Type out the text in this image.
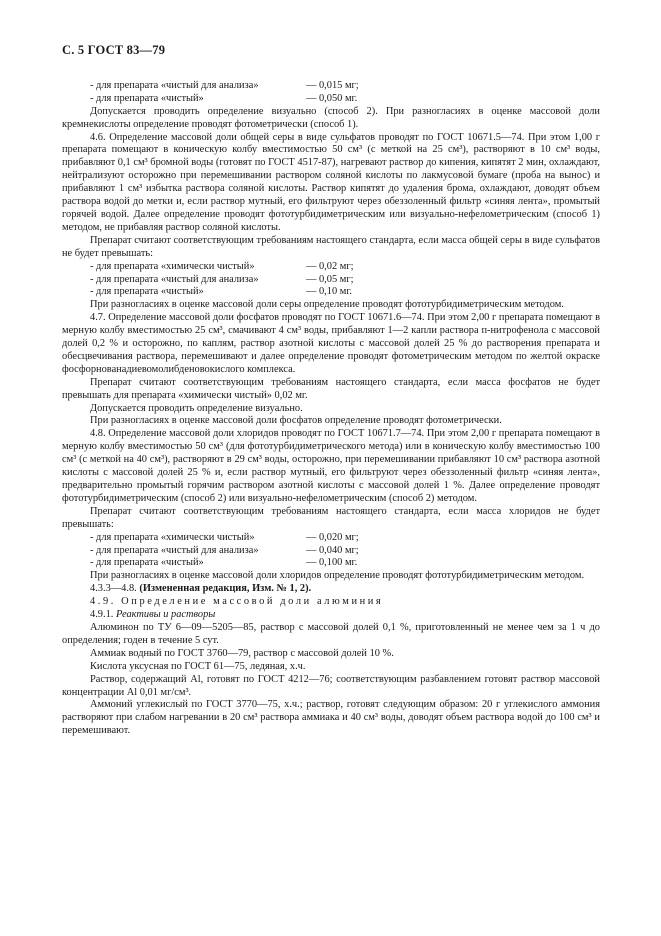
С. 5 ГОСТ 83—79
- для препарата «чистый для анализа»	— 0,015 мг;
- для препарата «чистый»	— 0,050 мг.

Допускается проводить определение визуально (способ 2). При разногласиях в оценке массовой доли кремнекислоты определение проводят фотометрически (способ 1).

4.6. Определение массовой доли общей серы в виде сульфатов проводят по ГОСТ 10671.5—74. При этом 1,00 г препарата помещают в коническую колбу вместимостью 50 см³ (с меткой на 25 см³), растворяют в 10 см³ воды, прибавляют 0,1 см³ бромной воды (готовят по ГОСТ 4517-87), нагревают раствор до кипения, кипятят 2 мин, охлаждают, нейтрализуют осторожно при перемешивании раствором соляной кислоты по лакмусовой бумаге (проба на вынос) и прибавляют 1 см³ избытка раствора соляной кислоты. Раствор кипятят до удаления брома, охлаждают, доводят объем раствора водой до метки и, если раствор мутный, его фильтруют через обеззоленный фильтр «синяя лента», промытый горячей водой. Далее определение проводят фототурбидиметрическим или визуально-нефелометрическим (способ 1) методом, не прибавляя раствор соляной кислоты.

Препарат считают соответствующим требованиям настоящего стандарта, если масса общей серы в виде сульфатов не будет превышать:

- для препарата «химически чистый»	— 0,02 мг;
- для препарата «чистый для анализа»	— 0,05 мг;
- для препарата «чистый»	— 0,10 мг.

При разногласиях в оценке массовой доли серы определение проводят фототурбидиметрическим методом.

4.7. Определение массовой доли фосфатов проводят по ГОСТ 10671.6—74. При этом 2,00 г препарата помещают в мерную колбу вместимостью 25 см³, смачивают 4 см³ воды, прибавляют 1—2 капли раствора п-нитрофенола с массовой долей 0,2 % и осторожно, по каплям, раствор азотной кислоты с массовой долей 25 % до растворения препарата и обесцвечивания раствора, перемешивают и далее определение проводят фотометрическим методом по желтой окраске фосфорнованадиевомолибденовокислого комплекса.

Препарат считают соответствующим требованиям настоящего стандарта, если масса фосфатов не будет превышать для препарата «химически чистый» 0,02 мг.

Допускается проводить определение визуально.

При разногласиях в оценке массовой доли фосфатов определение проводят фотометрически.

4.8. Определение массовой доли хлоридов проводят по ГОСТ 10671.7—74. При этом 2,00 г препарата помещают в мерную колбу вместимостью 50 см³ (для фототурбидиметрического метода) или в коническую колбу вместимостью 100 см³ (с меткой на 40 см³), растворяют в 29 см³ воды, осторожно, при перемешивании прибавляют 10 см³ раствора азотной кислоты с массовой долей 25 % и, если раствор мутный, его фильтруют через обеззоленный фильтр «синяя лента», предварительно промытый горячим раствором азотной кислоты с массовой долей 1 %. Далее определение проводят фототурбидиметрическим (способ 2) или визуально-нефелометрическим (способ 2) методом.

Препарат считают соответствующим требованиям настоящего стандарта, если масса хлоридов не будет превышать:

- для препарата «химически чистый»	— 0,020 мг;
- для препарата «чистый для анализа»	— 0,040 мг;
- для препарата «чистый»	— 0,100 мг.

При разногласиях в оценке массовой доли хлоридов определение проводят фототурбидиметрическим методом.

4.3.3—4.8. (Измененная редакция, Изм. № 1, 2).

4.9. Определение массовой доли алюминия

4.9.1. Реактивы и растворы

Алюминон по ТУ 6—09—5205—85, раствор с массовой долей 0,1 %, приготовленный не менее чем за 1 ч до определения; годен в течение 5 сут.

Аммиак водный по ГОСТ 3760—79, раствор с массовой долей 10 %.

Кислота уксусная по ГОСТ 61—75, ледяная, х.ч.

Раствор, содержащий Al, готовят по ГОСТ 4212—76; соответствующим разбавлением готовят раствор массовой концентрации Al 0,01 мг/см³.

Аммоний углекислый по ГОСТ 3770—75, х.ч.; раствор, готовят следующим образом: 20 г углекислого аммония растворяют при слабом нагревании в 20 см³ раствора аммиака и 40 см³ воды, доводят объем раствора водой до 100 см³ и перемешивают.
